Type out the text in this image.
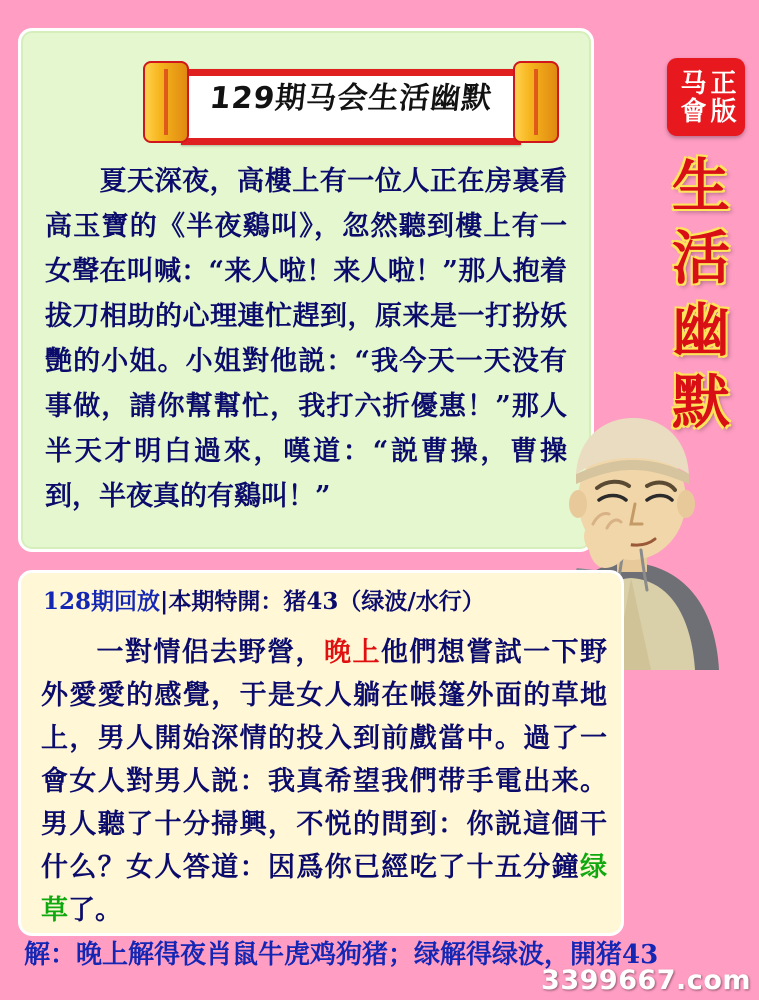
129期马会生活幽默
夏天深夜，高樓上有一位人正在房裏看高玉寶的《半夜鷄叫》，忽然聽到樓上有一女聲在叫喊：“来人啦！来人啦！”那人抱着拔刀相助的心理連忙趕到，原来是一打扮妖艷的小姐。小姐對他説：“我今天一天没有事做，請你幫幫忙，我打六折優惠！”那人半天才明白過來，嘆道：“説曹操，曹操到，半夜真的有鷄叫！”
马會 正版
生
活
幽
默
128期回放|本期特開：猪43（绿波/水行）
一對情侣去野營，晚上他們想嘗試一下野外愛愛的感覺，于是女人躺在帳篷外面的草地上，男人開始深情的投入到前戲當中。過了一會女人對男人説：我真希望我們带手電出来。男人聽了十分掃興，不悦的問到：你説這個干什么？女人答道：因爲你已經吃了十五分鐘绿草了。
解：晚上解得夜肖鼠牛虎鸡狗猪；绿解得绿波，開猪43
3399667.com
